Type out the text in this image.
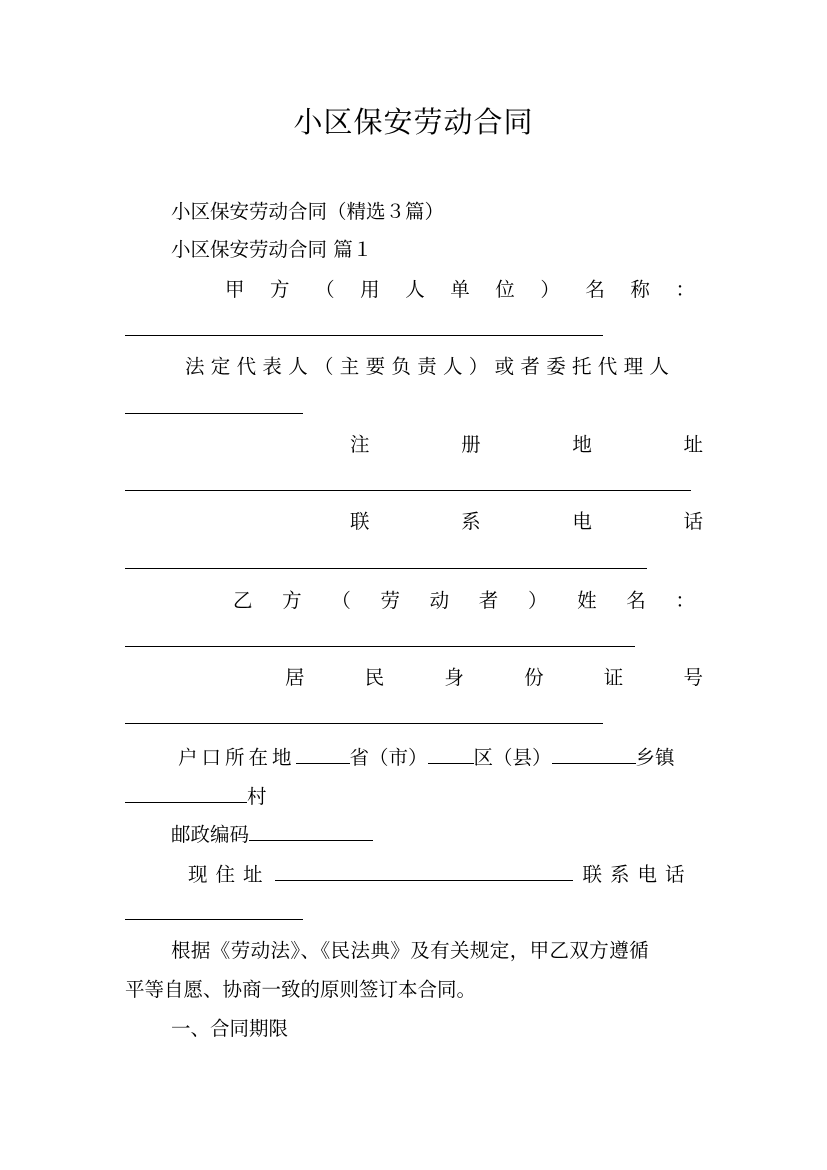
小区保安劳动合同
小区保安劳动合同（精选３篇）
小区保安劳动合同 篇１
甲 方 （ 用 人 单 位 ） 名 称 ：
法定代表人（主要负责人）或者委托代理人
注	册	地	址
联	系	电	话
乙 方 （ 劳 动 者 ） 姓 名 ：
居	民	身	份	证	号
户口所在地	省（市） 区（县）	乡镇
村
邮政编码
现住址	联系电话
根据《劳动法》、《民法典》及有关规定，甲乙双方遵循
平等自愿、协商一致的原则签订本合同。
一、合同期限
